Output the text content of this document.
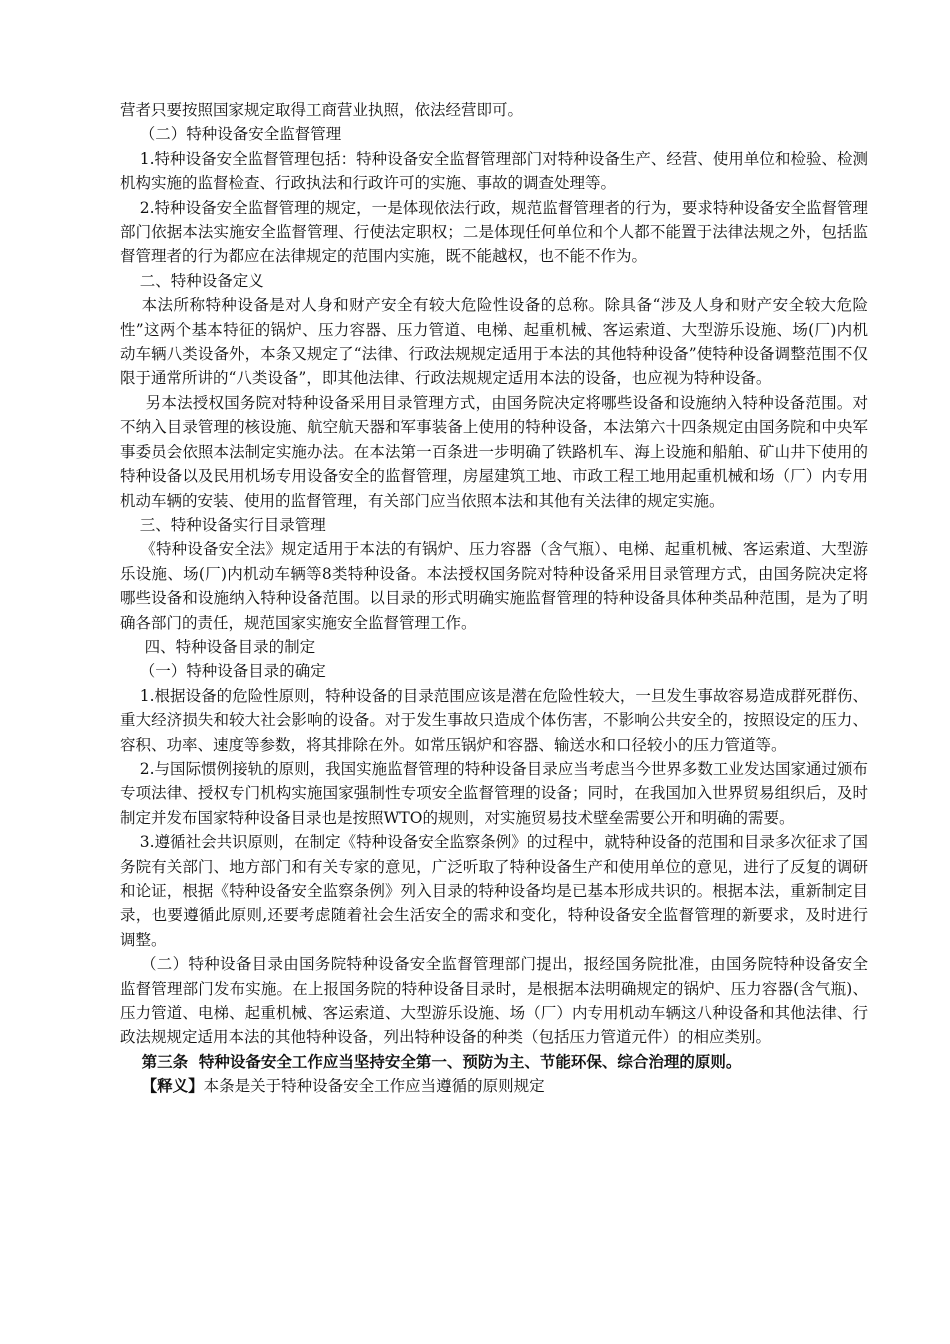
营者只要按照国家规定取得工商营业执照，依法经营即可。

（二）特种设备安全监督管理

1.特种设备安全监督管理包括：特种设备安全监督管理部门对特种设备生产、经营、使用单位和检验、检测机构实施的监督检查、行政执法和行政许可的实施、事故的调查处理等。

2.特种设备安全监督管理的规定，一是体现依法行政，规范监督管理者的行为，要求特种设备安全监督管理部门依据本法实施安全监督管理、行使法定职权；二是体现任何单位和个人都不能置于法律法规之外，包括监督管理者的行为都应在法律规定的范围内实施，既不能越权，也不能不作为。

二、特种设备定义

本法所称特种设备是对人身和财产安全有较大危险性设备的总称。除具备“涉及人身和财产安全较大危险性”这两个基本特征的锅炉、压力容器、压力管道、电梯、起重机械、客运索道、大型游乐设施、场(厂)内机动车辆八类设备外，本条又规定了“法律、行政法规规定适用于本法的其他特种设备”使特种设备调整范围不仅限于通常所讲的“八类设备”，即其他法律、行政法规规定适用本法的设备，也应视为特种设备。

另本法授权国务院对特种设备采用目录管理方式，由国务院决定将哪些设备和设施纳入特种设备范围。对不纳入目录管理的核设施、航空航天器和军事装备上使用的特种设备，本法第六十四条规定由国务院和中央军事委员会依照本法制定实施办法。在本法第一百条进一步明确了铁路机车、海上设施和船舶、矿山井下使用的特种设备以及民用机场专用设备安全的监督管理，房屋建筑工地、市政工程工地用起重机械和场（厂）内专用机动车辆的安装、使用的监督管理，有关部门应当依照本法和其他有关法律的规定实施。

三、特种设备实行目录管理

《特种设备安全法》规定适用于本法的有锅炉、压力容器（含气瓶）、电梯、起重机械、客运索道、大型游乐设施、场(厂)内机动车辆等8类特种设备。本法授权国务院对特种设备采用目录管理方式，由国务院决定将哪些设备和设施纳入特种设备范围。以目录的形式明确实施监督管理的特种设备具体种类品种范围，是为了明确各部门的责任，规范国家实施安全监督管理工作。

四、特种设备目录的制定

（一）特种设备目录的确定

1.根据设备的危险性原则，特种设备的目录范围应该是潜在危险性较大，一旦发生事故容易造成群死群伤、重大经济损失和较大社会影响的设备。对于发生事故只造成个体伤害，不影响公共安全的，按照设定的压力、容积、功率、速度等参数，将其排除在外。如常压锅炉和容器、输送水和口径较小的压力管道等。

2.与国际惯例接轨的原则，我国实施监督管理的特种设备目录应当考虑当今世界多数工业发达国家通过颁布专项法律、授权专门机构实施国家强制性专项安全监督管理的设备；同时，在我国加入世界贸易组织后，及时制定并发布国家特种设备目录也是按照WTO的规则，对实施贸易技术壁垒需要公开和明确的需要。

3.遵循社会共识原则，在制定《特种设备安全监察条例》的过程中，就特种设备的范围和目录多次征求了国务院有关部门、地方部门和有关专家的意见，广泛听取了特种设备生产和使用单位的意见，进行了反复的调研和论证，根据《特种设备安全监察条例》列入目录的特种设备均是已基本形成共识的。根据本法，重新制定目录，也要遵循此原则,还要考虑随着社会生活安全的需求和变化，特种设备安全监督管理的新要求，及时进行调整。

（二）特种设备目录由国务院特种设备安全监督管理部门提出，报经国务院批准，由国务院特种设备安全监督管理部门发布实施。在上报国务院的特种设备目录时，是根据本法明确规定的锅炉、压力容器(含气瓶)、压力管道、电梯、起重机械、客运索道、大型游乐设施、场（厂）内专用机动车辆这八种设备和其他法律、行政法规规定适用本法的其他特种设备，列出特种设备的种类（包括压力管道元件）的相应类别。

第三条  特种设备安全工作应当坚持安全第一、预防为主、节能环保、综合治理的原则。

【释义】本条是关于特种设备安全工作应当遵循的原则规定
